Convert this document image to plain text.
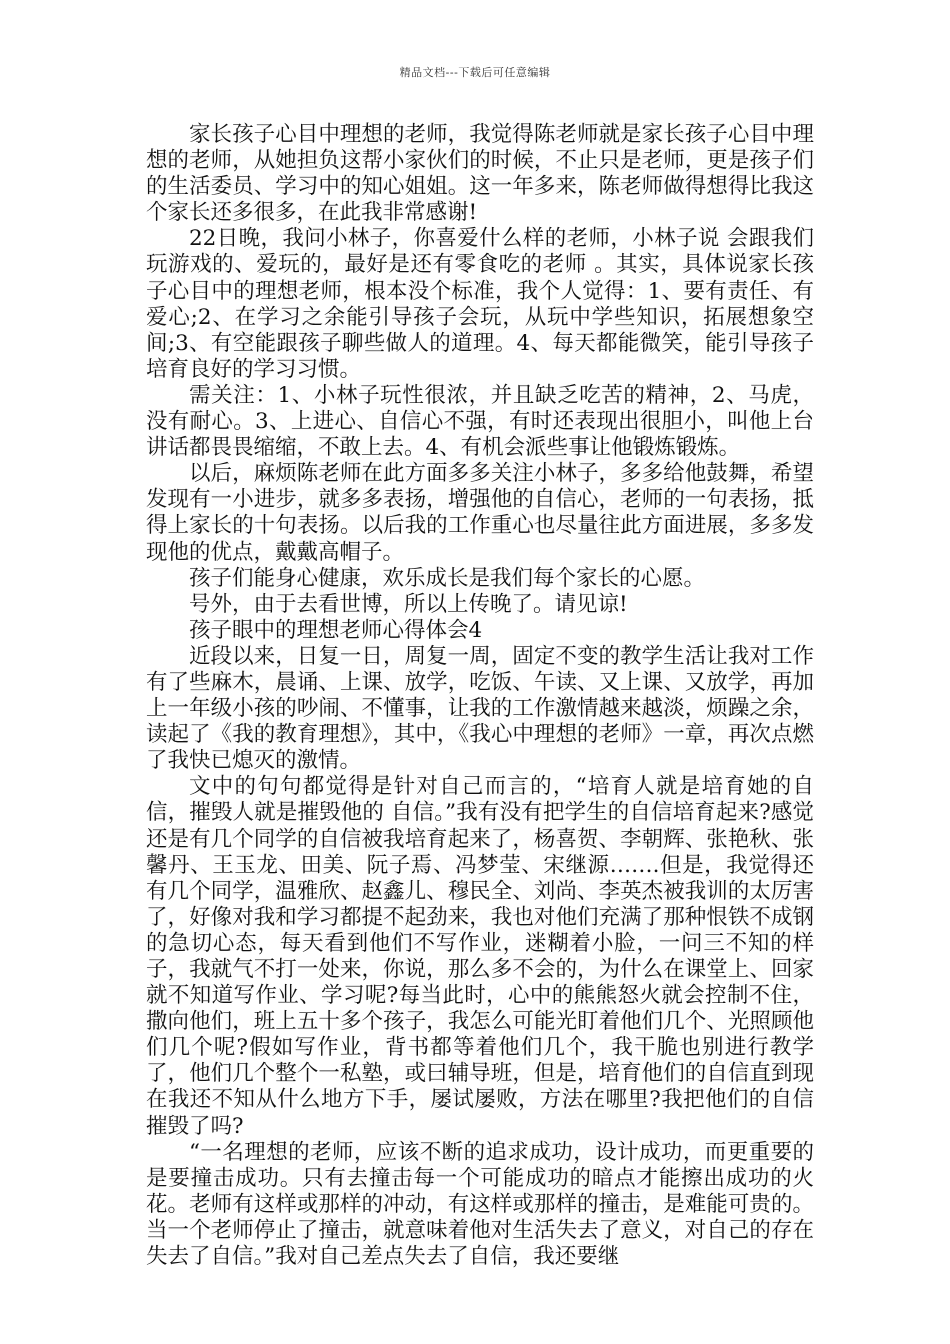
精品文档---下载后可任意编辑

家长孩子心目中理想的老师，我觉得陈老师就是家长孩子心目中理想的老师，从她担负这帮小家伙们的时候，不止只是老师，更是孩子们的生活委员、学习中的知心姐姐。这一年多来，陈老师做得想得比我这个家长还多很多，在此我非常感谢!

22日晚，我问小林子，你喜爱什么样的老师，小林子说 会跟我们玩游戏的、爱玩的，最好是还有零食吃的老师 。其实，具体说家长孩子心目中的理想老师，根本没个标准，我个人觉得：1、要有责任、有爱心;2、在学习之余能引导孩子会玩，从玩中学些知识，拓展想象空间;3、有空能跟孩子聊些做人的道理。4、每天都能微笑，能引导孩子培育良好的学习习惯。

需关注：1、小林子玩性很浓，并且缺乏吃苦的精神，2、马虎，没有耐心。3、上进心、自信心不强，有时还表现出很胆小，叫他上台讲话都畏畏缩缩，不敢上去。4、有机会派些事让他锻炼锻炼。

以后，麻烦陈老师在此方面多多关注小林子，多多给他鼓舞，希望发现有一小进步，就多多表扬，增强他的自信心，老师的一句表扬，抵得上家长的十句表扬。以后我的工作重心也尽量往此方面进展，多多发现他的优点，戴戴高帽子。

孩子们能身心健康，欢乐成长是我们每个家长的心愿。

号外，由于去看世博，所以上传晚了。请见谅!

孩子眼中的理想老师心得体会4

近段以来，日复一日，周复一周，固定不变的教学生活让我对工作有了些麻木，晨诵、上课、放学，吃饭、午读、又上课、又放学，再加上一年级小孩的吵闹、不懂事，让我的工作激情越来越淡，烦躁之余，读起了《我的教育理想》，其中，《我心中理想的老师》一章，再次点燃了我快已熄灭的激情。

文中的句句都觉得是针对自己而言的，“培育人就是培育她的自信，摧毁人就是摧毁他的 自信。”我有没有把学生的自信培育起来?感觉还是有几个同学的自信被我培育起来了，杨喜贺、李朝辉、张艳秋、张馨丹、王玉龙、田美、阮子焉、冯梦莹、宋继源…….但是，我觉得还有几个同学，温雅欣、赵鑫儿、穆民全、刘尚、李英杰被我训的太厉害了，好像对我和学习都提不起劲来，我也对他们充满了那种恨铁不成钢的急切心态，每天看到他们不写作业，迷糊着小脸，一问三不知的样子，我就气不打一处来，你说，那么多不会的，为什么在课堂上、回家就不知道写作业、学习呢?每当此时，心中的熊熊怒火就会控制不住，撒向他们，班上五十多个孩子，我怎么可能光盯着他们几个、光照顾他们几个呢?假如写作业，背书都等着他们几个，我干脆也别进行教学了，他们几个整个一私塾，或曰辅导班，但是，培育他们的自信直到现在我还不知从什么地方下手，屡试屡败，方法在哪里?我把他们的自信摧毁了吗?

“一名理想的老师，应该不断的追求成功，设计成功，而更重要的是要撞击成功。只有去撞击每一个可能成功的暗点才能擦出成功的火花。老师有这样或那样的冲动，有这样或那样的撞击，是难能可贵的。当一个老师停止了撞击，就意味着他对生活失去了意义，对自己的存在失去了自信。”我对自己差点失去了自信，我还要继
